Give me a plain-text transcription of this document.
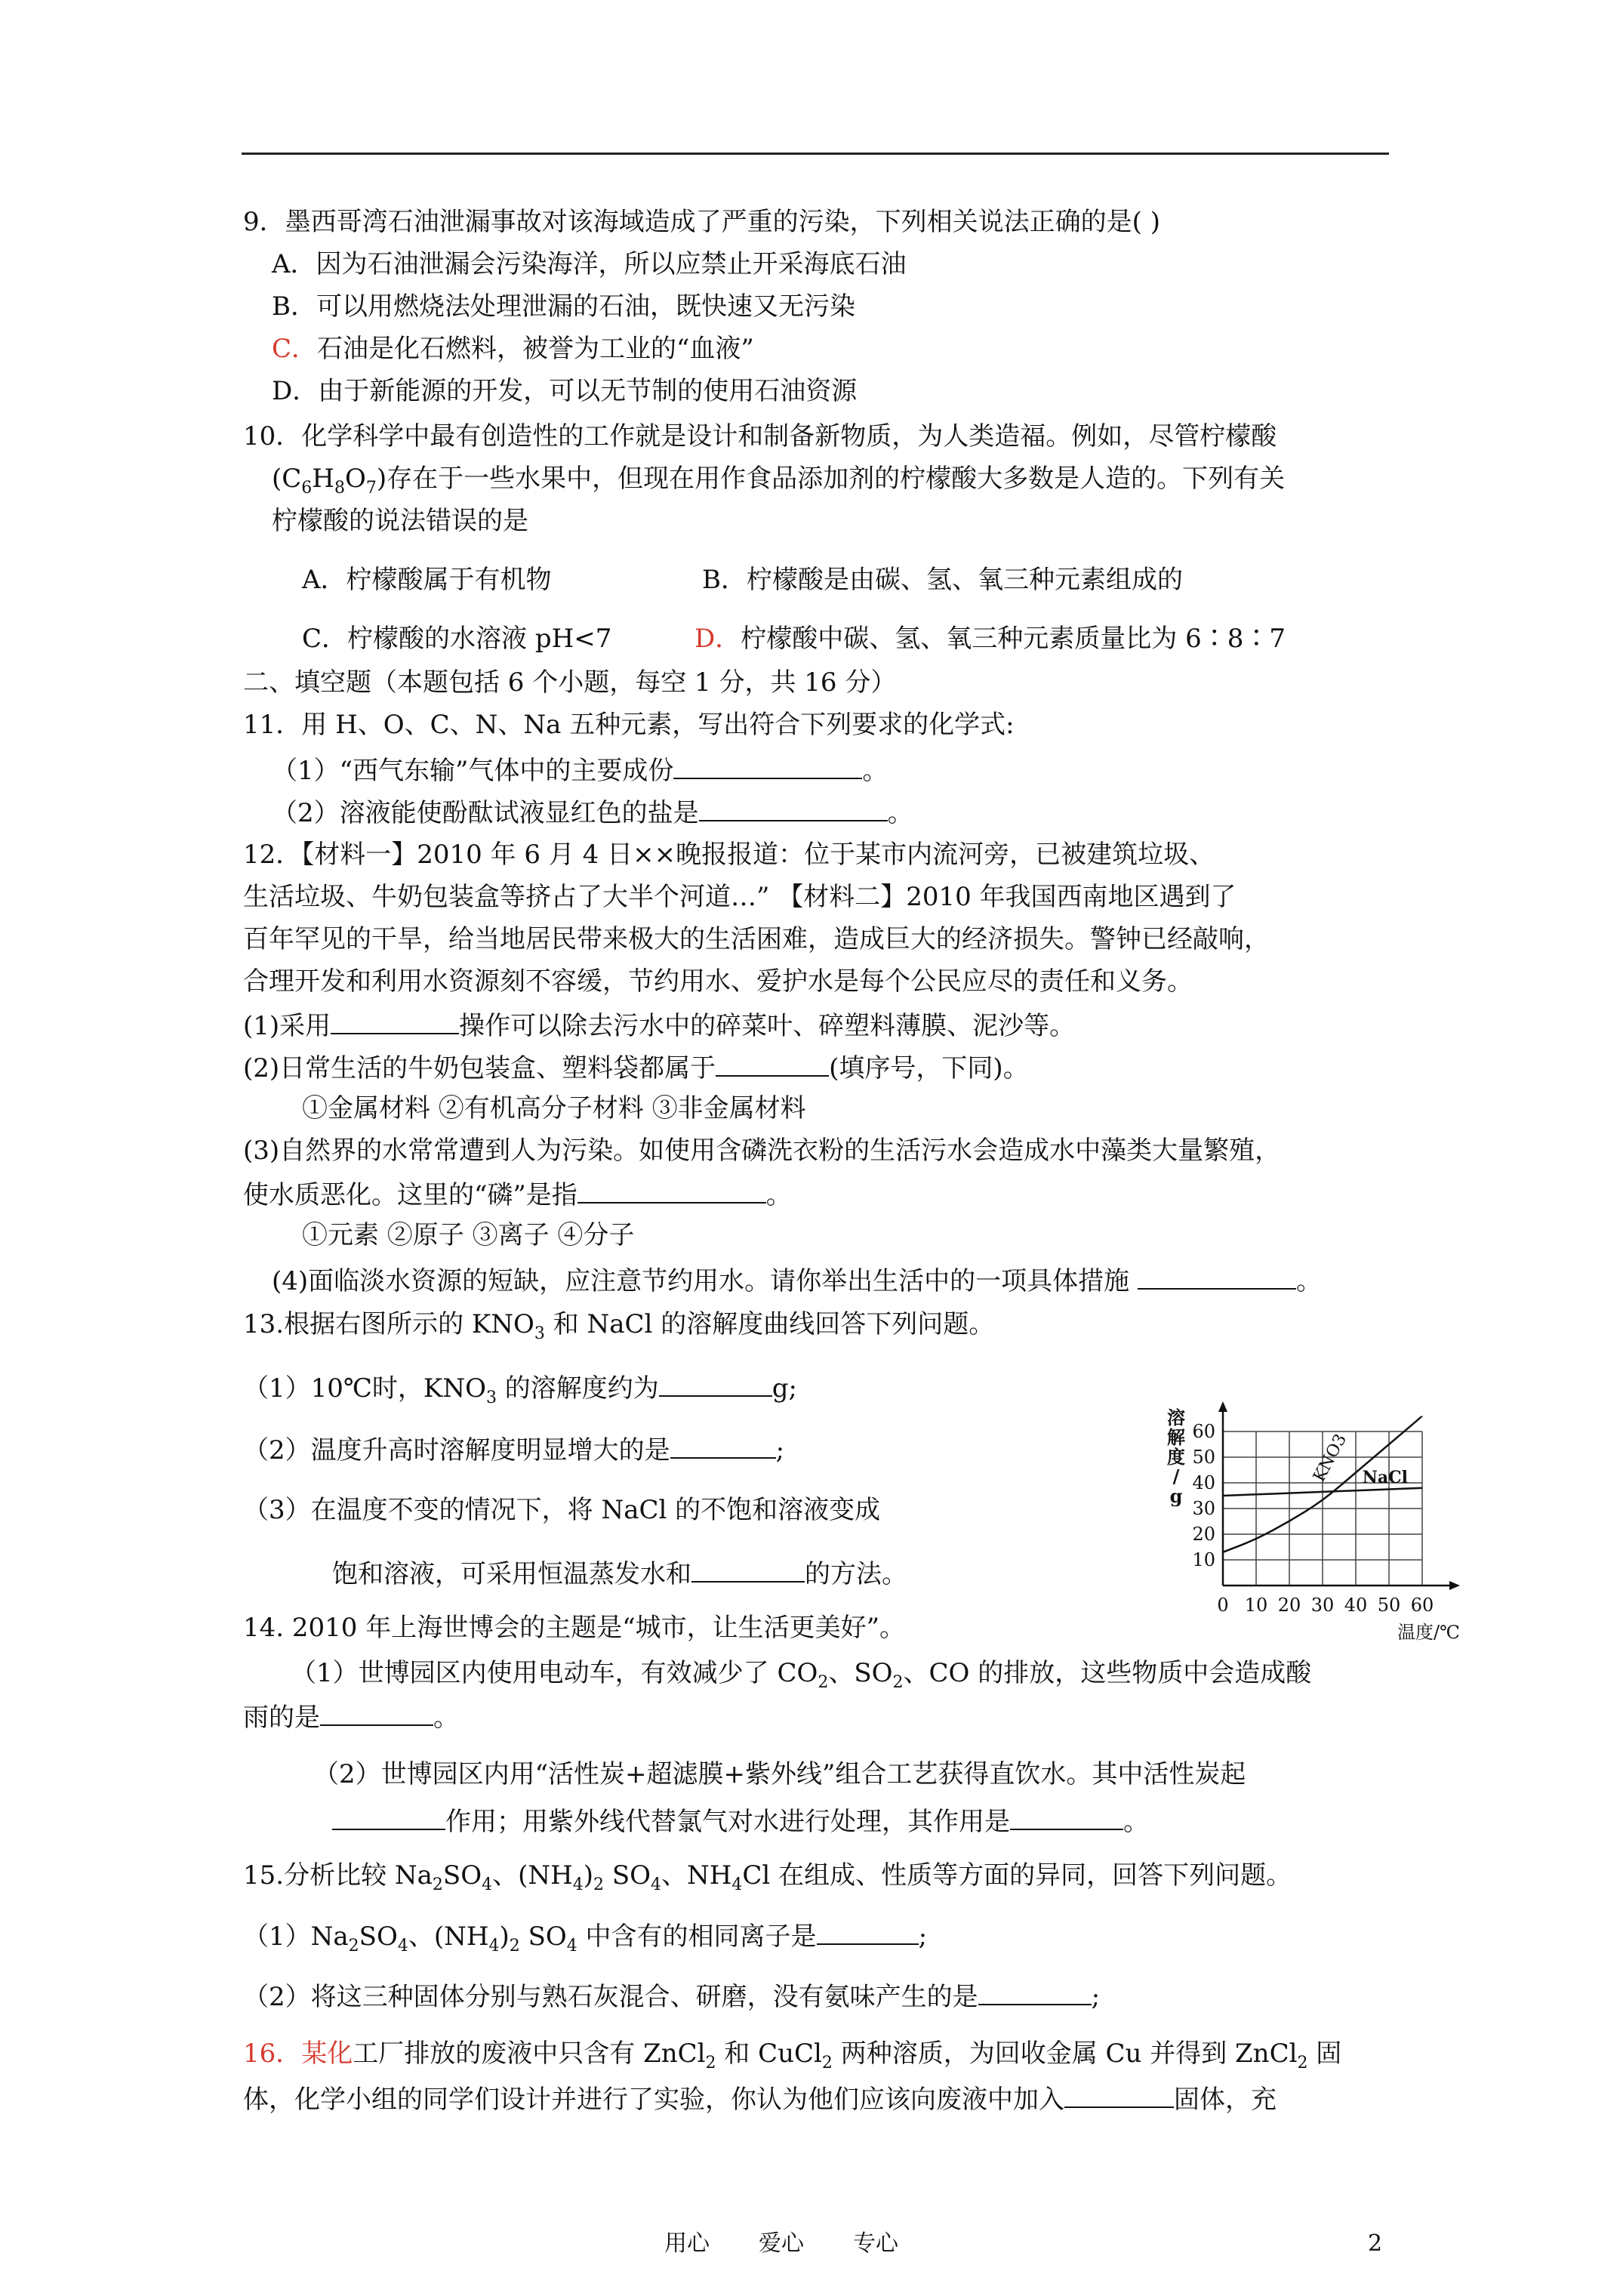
9．墨西哥湾石油泄漏事故对该海域造成了严重的污染，下列相关说法正确的是( )
A．因为石油泄漏会污染海洋，所以应禁止开采海底石油
B．可以用燃烧法处理泄漏的石油，既快速又无污染
C．石油是化石燃料，被誉为工业的“血液”
D．由于新能源的开发，可以无节制的使用石油资源
10．化学科学中最有创造性的工作就是设计和制备新物质，为人类造福。例如，尽管柠檬酸
$(C_6H_8O_7)$存在于一些水果中，但现在用作食品添加剂的柠檬酸大多数是人造的。下列有关
柠檬酸的说法错误的是
A．柠檬酸属于有机物	B．柠檬酸是由碳、氢、氧三种元素组成的
C．柠檬酸的水溶液 pH<7	D．柠檬酸中碳、氢、氧三种元素质量比为 6∶8∶7
二、填空题（本题包括 6 个小题，每空 1 分，共 16 分）
11．用 H、O、C、N、Na 五种元素，写出符合下列要求的化学式:
（1）“西气东输”气体中的主要成份	。
（2）溶液能使酚酞试液显红色的盐是	。
12．【材料一】2010 年 6 月 4 日××晚报报道：位于某市内流河旁，已被建筑垃圾、
生活垃圾、牛奶包装盒等挤占了大半个河道…” 【材料二】2010 年我国西南地区遇到了
百年罕见的干旱，给当地居民带来极大的生活困难，造成巨大的经济损失。警钟已经敲响，
合理开发和利用水资源刻不容缓，节约用水、爱护水是每个公民应尽的责任和义务。
(1)采用	操作可以除去污水中的碎菜叶、碎塑料薄膜、泥沙等。
(2)日常生活的牛奶包装盒、塑料袋都属于	(填序号，下同)。
①金属材料 ②有机高分子材料 ③非金属材料
(3)自然界的水常常遭到人为污染。如使用含磷洗衣粉的生活污水会造成水中藻类大量繁殖，
使水质恶化。这里的“磷”是指	。
①元素 ②原子 ③离子 ④分子
(4)面临淡水资源的短缺，应注意节约用水。请你举出生活中的一项具体措施	。
13.根据右图所示的 $KNO_3$ 和 NaCl 的溶解度曲线回答下列问题。
（1）10℃时，$KNO_3$ 的溶解度约为	g;
（2）温度升高时溶解度明显增大的是	;
（3）在温度不变的情况下，将 NaCl 的不饱和溶液变成
饱和溶液，可采用恒温蒸发水和	的方法。
0 10 20 30 40 50 60
10
20
30
40
50
60	KNO3 NaCl
溶
解
度
/
g
温度/℃
14. 2010 年上海世博会的主题是“城市，让生活更美好”。
（1）世博园区内使用电动车，有效减少了 $CO_2$、$SO_2$、CO 的排放，这些物质中会造成酸
雨的是	。
（2）世博园区内用“活性炭+超滤膜+紫外线”组合工艺获得直饮水。其中活性炭起
作用；用紫外线代替氯气对水进行处理，其作用是	。
15.分析比较 $Na_2SO_4$、$(NH_4)_2$ $SO_4$、$NH_4Cl$ 在组成、性质等方面的异同，回答下列问题。
$(1)Na_2SO_4$、$(NH_4)_2$ $SO_4$ 中含有的相同离子是	;
（2）将这三种固体分别与熟石灰混合、研磨，没有氨味产生的是	;
16．某化工厂排放的废液中只含有 ZnCl$_2$ 和 CuCl$_2$ 两种溶质，为回收金属 Cu 并得到 ZnCl$_2$ 固
体，化学小组的同学们设计并进行了实验，你认为他们应该向废液中加入	固体，充
用心 爱心 专心	2
